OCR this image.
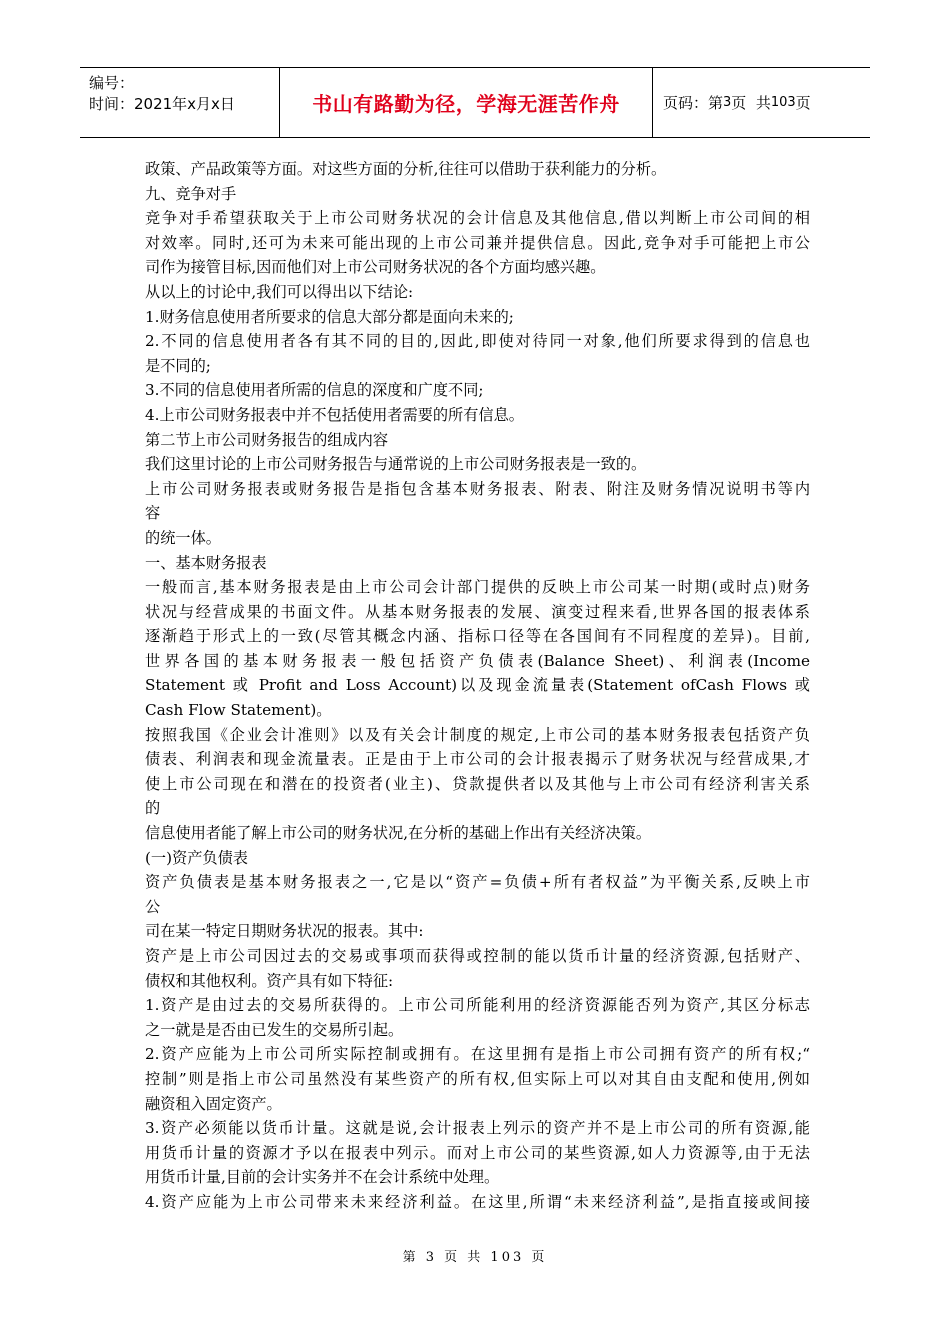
编号：
时间：2021年x月x日	书山有路勤为径，学海无涯苦作舟	页码：第 3 页  共 103 页
政策、产品政策等方面。对这些方面的分析,往往可以借助于获利能力的分析。
九、竞争对手
竞争对手希望获取关于上市公司财务状况的会计信息及其他信息,借以判断上市公司间的相
对效率。同时,还可为未来可能出现的上市公司兼并提供信息。因此,竞争对手可能把上市公
司作为接管目标,因而他们对上市公司财务状况的各个方面均感兴趣。
从以上的讨论中,我们可以得出以下结论:
1.财务信息使用者所要求的信息大部分都是面向未来的;
2.不同的信息使用者各有其不同的目的,因此,即使对待同一对象,他们所要求得到的信息也
是不同的;
3.不同的信息使用者所需的信息的深度和广度不同;
4.上市公司财务报表中并不包括使用者需要的所有信息。
第二节上市公司财务报告的组成内容
我们这里讨论的上市公司财务报告与通常说的上市公司财务报表是一致的。
上市公司财务报表或财务报告是指包含基本财务报表、附表、附注及财务情况说明书等内
容
的统一体。
一、基本财务报表
一般而言,基本财务报表是由上市公司会计部门提供的反映上市公司某一时期(或时点)财务
状况与经营成果的书面文件。从基本财务报表的发展、演变过程来看,世界各国的报表体系
逐渐趋于形式上的一致(尽管其概念内涵、指标口径等在各国间有不同程度的差异)。目前,
世界各国的基本财务报表一般包括资产负债表(Balance Sheet)、利润表(Income
Statement 或 Profit and Loss Account)以及现金流量表(Statement ofCash Flows 或
Cash Flow Statement)。
按照我国《企业会计准则》以及有关会计制度的规定,上市公司的基本财务报表包括资产负
债表、利润表和现金流量表。正是由于上市公司的会计报表揭示了财务状况与经营成果,才
使上市公司现在和潜在的投资者(业主)、贷款提供者以及其他与上市公司有经济利害关系
的
信息使用者能了解上市公司的财务状况,在分析的基础上作出有关经济决策。
(一)资产负债表
资产负债表是基本财务报表之一,它是以“资产=负债+所有者权益”为平衡关系,反映上市
公
司在某一特定日期财务状况的报表。其中:
资产是上市公司因过去的交易或事项而获得或控制的能以货币计量的经济资源,包括财产、
债权和其他权利。资产具有如下特征:
1.资产是由过去的交易所获得的。上市公司所能利用的经济资源能否列为资产,其区分标志
之一就是是否由已发生的交易所引起。
2.资产应能为上市公司所实际控制或拥有。在这里拥有是指上市公司拥有资产的所有权;“
控制”则是指上市公司虽然没有某些资产的所有权,但实际上可以对其自由支配和使用,例如
融资租入固定资产。
3.资产必须能以货币计量。这就是说,会计报表上列示的资产并不是上市公司的所有资源,能
用货币计量的资源才予以在报表中列示。而对上市公司的某些资源,如人力资源等,由于无法
用货币计量,目前的会计实务并不在会计系统中处理。
4.资产应能为上市公司带来未来经济利益。在这里,所谓“未来经济利益”,是指直接或间接
第 3 页 共 103 页
